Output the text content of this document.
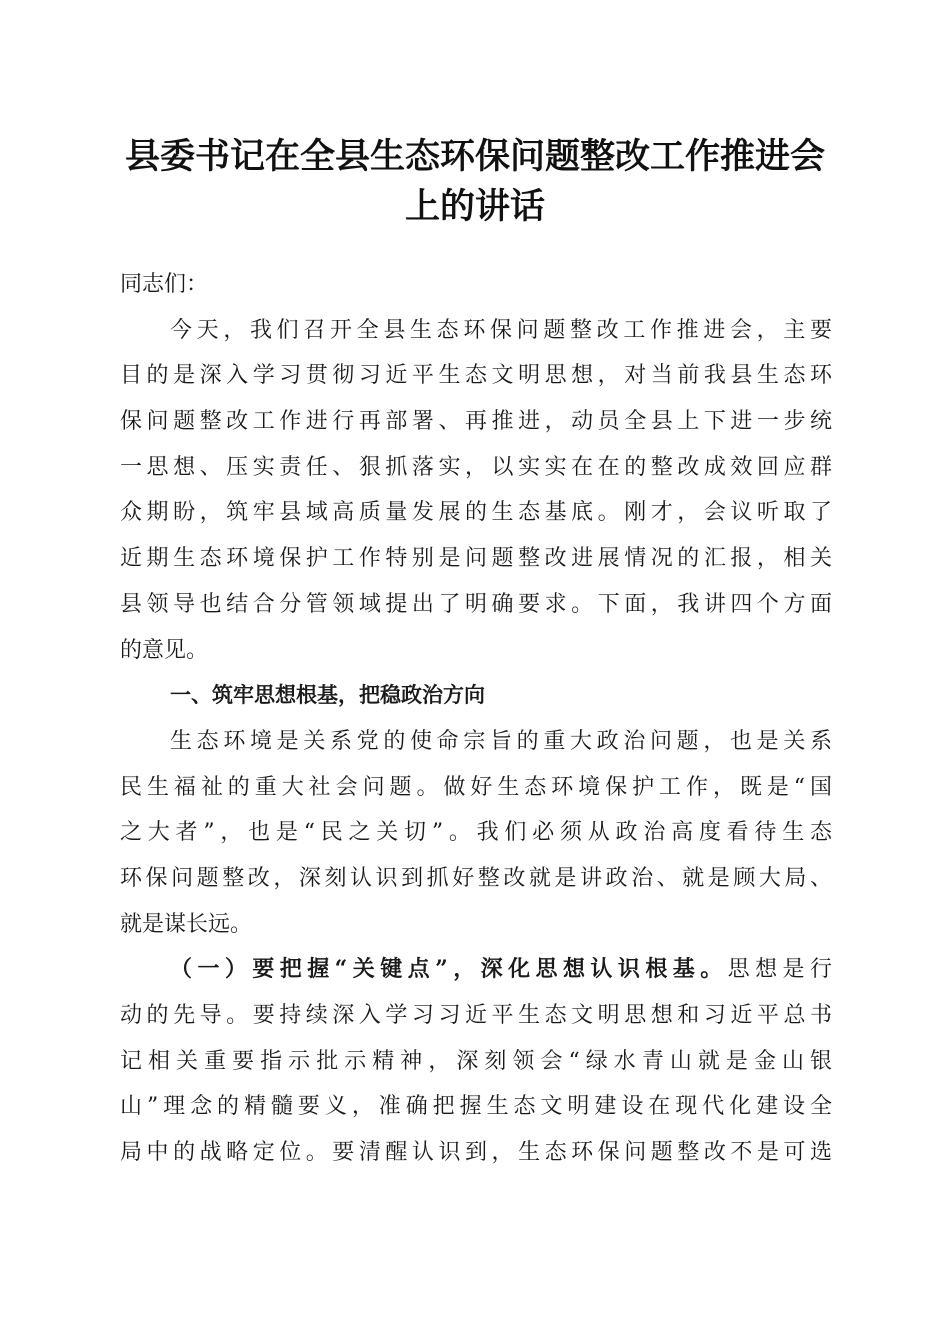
县委书记在全县生态环保问题整改工作推进会
上的讲话
同志们：
今天，我们召开全县生态环保问题整改工作推进会，主要
目的是深入学习贯彻习近平生态文明思想，对当前我县生态环
保问题整改工作进行再部署、再推进，动员全县上下进一步统
一思想、压实责任、狠抓落实，以实实在在的整改成效回应群
众期盼，筑牢县域高质量发展的生态基底。刚才，会议听取了
近期生态环境保护工作特别是问题整改进展情况的汇报，相关
县领导也结合分管领域提出了明确要求。下面，我讲四个方面
的意见。
一、筑牢思想根基，把稳政治方向
生态环境是关系党的使命宗旨的重大政治问题，也是关系
民生福祉的重大社会问题。做好生态环境保护工作，既是“国
之大者”，也是“民之关切”。我们必须从政治高度看待生态
环保问题整改，深刻认识到抓好整改就是讲政治、就是顾大局、
就是谋长远。
（一）要把握“关键点”，深化思想认识根基。思想是行
动的先导。要持续深入学习习近平生态文明思想和习近平总书
记相关重要指示批示精神，深刻领会“绿水青山就是金山银
山”理念的精髓要义，准确把握生态文明建设在现代化建设全
局中的战略定位。要清醒认识到，生态环保问题整改不是可选
